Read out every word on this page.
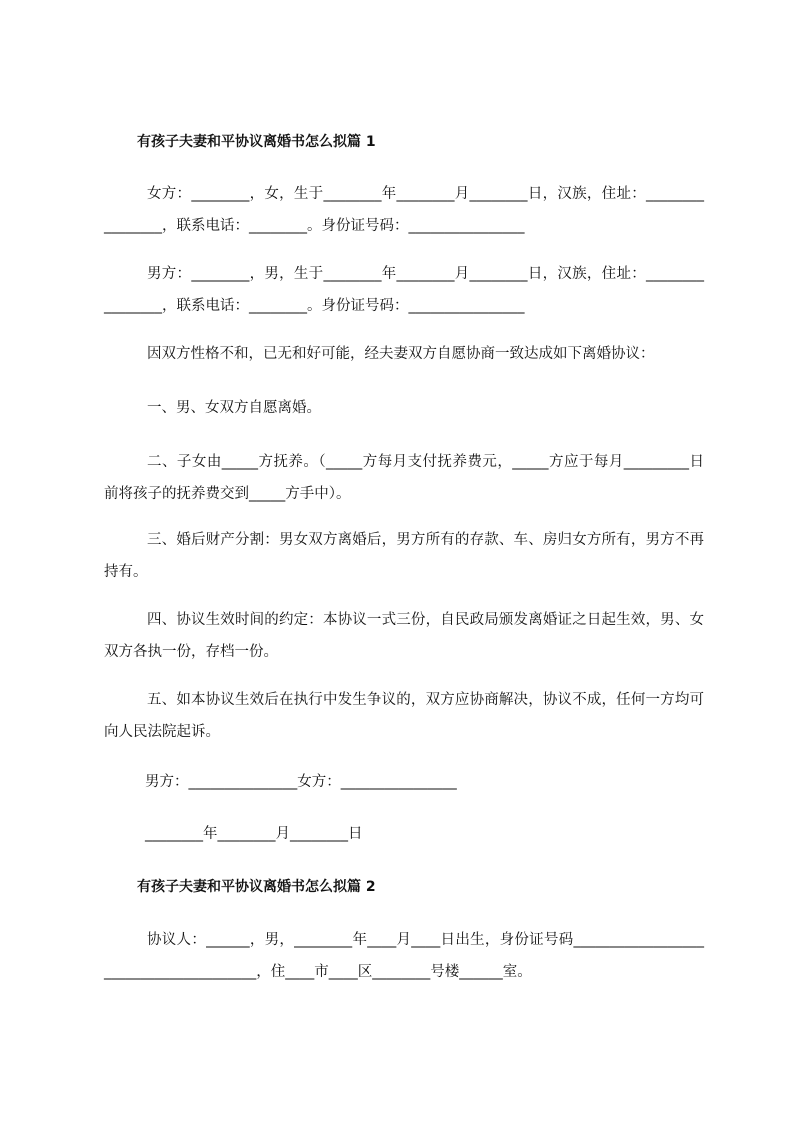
有孩子夫妻和平协议离婚书怎么拟篇 1
女方：________，女，生于________年________月________日，汉族，住址：________________，联系电话：________。身份证号码：________________
男方：________，男，生于________年________月________日，汉族，住址：________________，联系电话：________。身份证号码：________________
因双方性格不和，已无和好可能，经夫妻双方自愿协商一致达成如下离婚协议：
一、男、女双方自愿离婚。
二、子女由_____方抚养。（_____方每月支付抚养费元，_____方应于每月_________日前将孩子的抚养费交到_____方手中）。
三、婚后财产分割：男女双方离婚后，男方所有的存款、车、房归女方所有，男方不再持有。
四、协议生效时间的约定：本协议一式三份，自民政局颁发离婚证之日起生效，男、女双方各执一份，存档一份。
五、如本协议生效后在执行中发生争议的，双方应协商解决，协议不成，任何一方均可向人民法院起诉。
男方：_______________女方：________________
________年________月________日
有孩子夫妻和平协议离婚书怎么拟篇 2
协议人：______，男，________年____月____日出生，身份证号码_______________________________________，住____市____区________号楼______室。
